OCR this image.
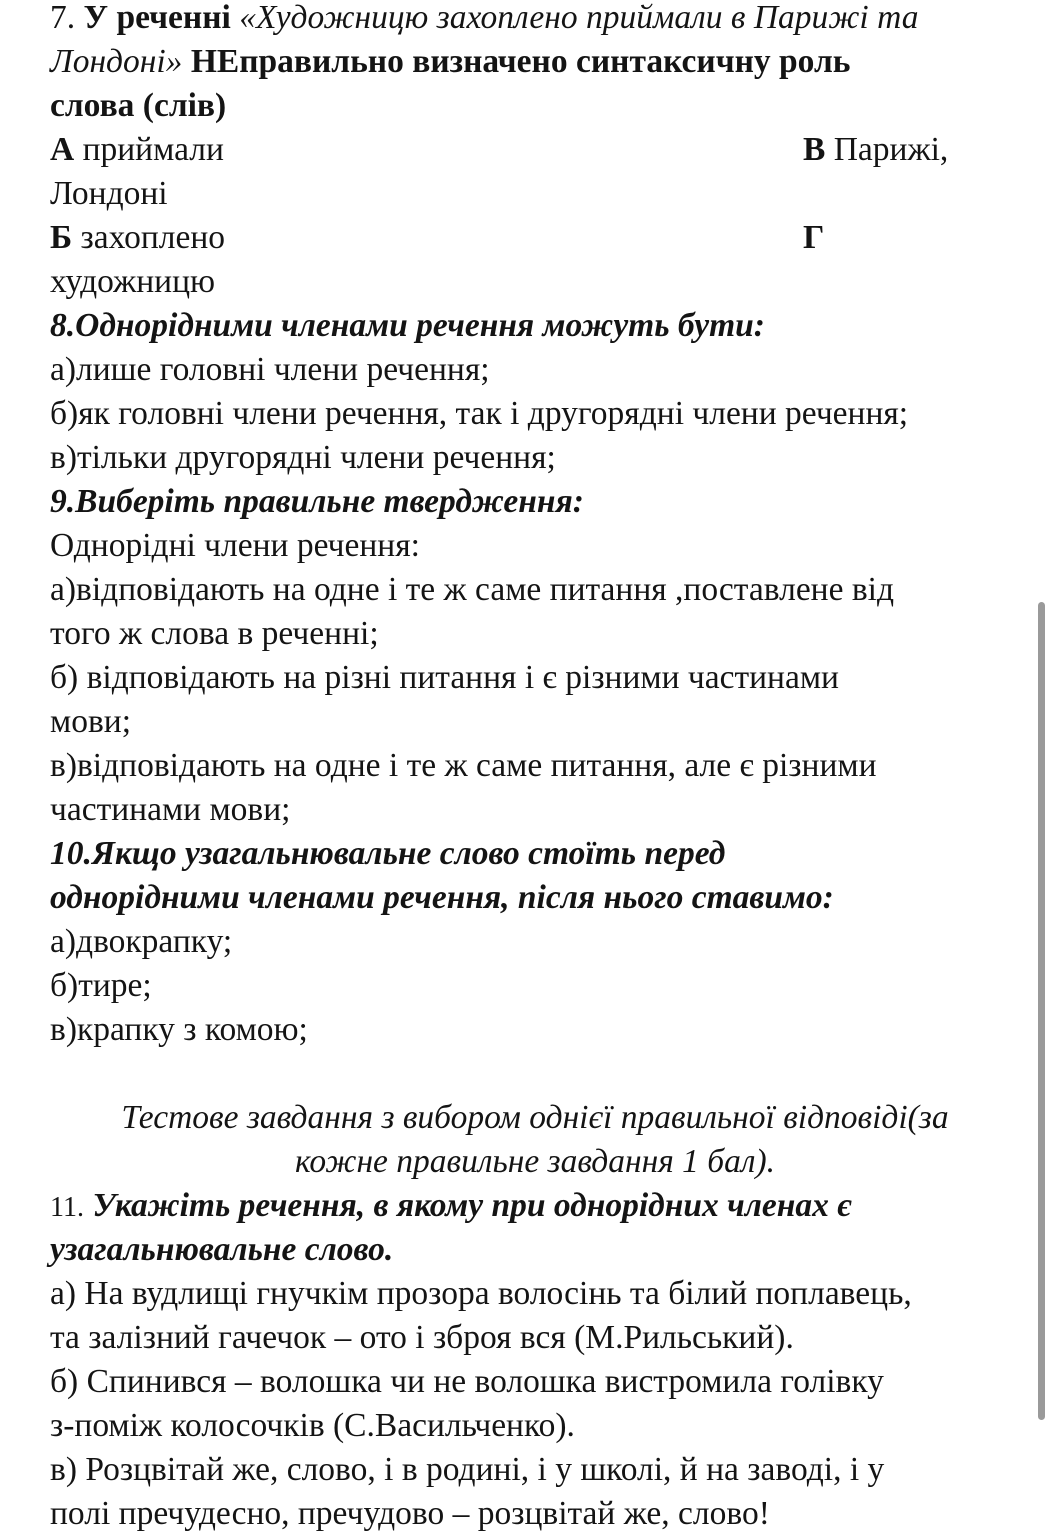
7. У реченні «Художницю захоплено приймали в Парижі та
Лондоні» НЕправильно визначено синтаксичну роль
слова (слів)
А приймали	В Парижі,
Лондоні
Б захоплено	Г
художницю
8.Однорідними членами речення можуть бути:
а)лише головні члени речення;
б)як головні члени речення, так і другорядні члени речення;
в)тільки другорядні члени речення;
9.Виберіть правильне твердження:
Однорідні члени речення:
а)відповідають на одне і те ж саме питання ,поставлене від
того ж слова в реченні;
б) відповідають на різні питання і є різними частинами
мови;
в)відповідають на одне і те ж саме питання, але є різними
частинами мови;
10.Якщо узагальнювальне слово стоїть перед
однорідними членами речення, після нього ставимо:
а)двокрапку;
б)тире;
в)крапку з комою;
Тестове завдання з вибором однієї правильної відповіді(за
кожне правильне завдання 1 бал).
11. Укажіть речення, в якому при однорідних членах є
узагальнювальне слово.
а) На вудлищі гнучкім прозора волосінь та білий поплавець,
та залізний гачечок – ото і зброя вся (М.Рильський).
б) Спинився – волошка чи не волошка вистромила голівку
з-поміж колосочків (С.Васильченко).
в) Розцвітай же, слово, і в родині, і у школі, й на заводі, і у
полі пречудесно, пречудово – розцвітай же, слово!
